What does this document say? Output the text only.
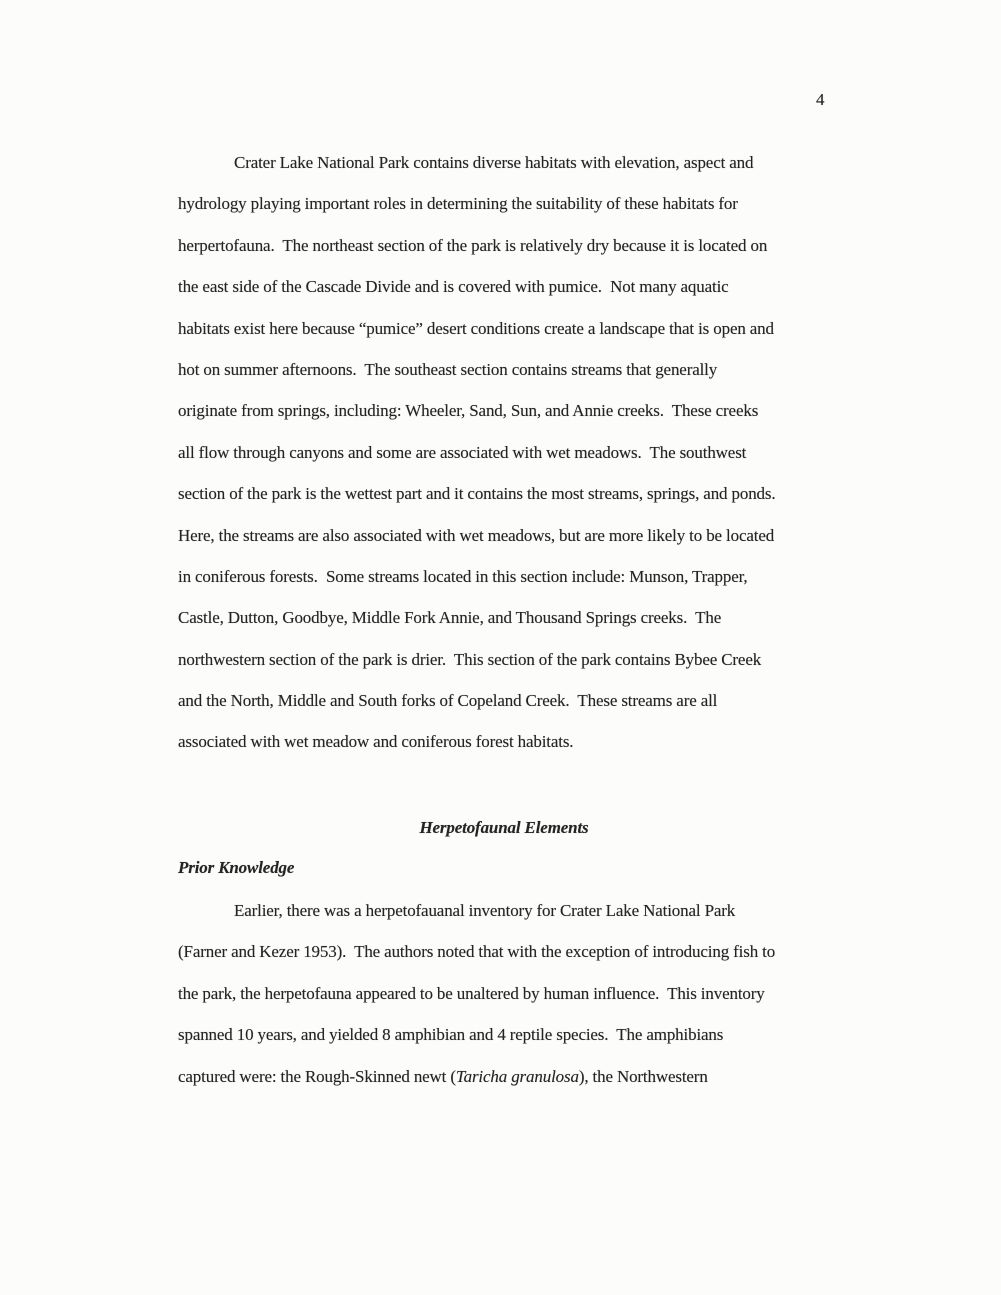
4
Crater Lake National Park contains diverse habitats with elevation, aspect and
hydrology playing important roles in determining the suitability of these habitats for
herpertofauna.  The northeast section of the park is relatively dry because it is located on
the east side of the Cascade Divide and is covered with pumice.  Not many aquatic
habitats exist here because “pumice” desert conditions create a landscape that is open and
hot on summer afternoons.  The southeast section contains streams that generally
originate from springs, including: Wheeler, Sand, Sun, and Annie creeks.  These creeks
all flow through canyons and some are associated with wet meadows.  The southwest
section of the park is the wettest part and it contains the most streams, springs, and ponds.
Here, the streams are also associated with wet meadows, but are more likely to be located
in coniferous forests.  Some streams located in this section include: Munson, Trapper,
Castle, Dutton, Goodbye, Middle Fork Annie, and Thousand Springs creeks.  The
northwestern section of the park is drier.  This section of the park contains Bybee Creek
and the North, Middle and South forks of Copeland Creek.  These streams are all
associated with wet meadow and coniferous forest habitats.
Herpetofaunal Elements
Prior Knowledge
Earlier, there was a herpetofauanal inventory for Crater Lake National Park
(Farner and Kezer 1953).  The authors noted that with the exception of introducing fish to
the park, the herpetofauna appeared to be unaltered by human influence.  This inventory
spanned 10 years, and yielded 8 amphibian and 4 reptile species.  The amphibians
captured were: the Rough-Skinned newt (Taricha granulosa), the Northwestern
